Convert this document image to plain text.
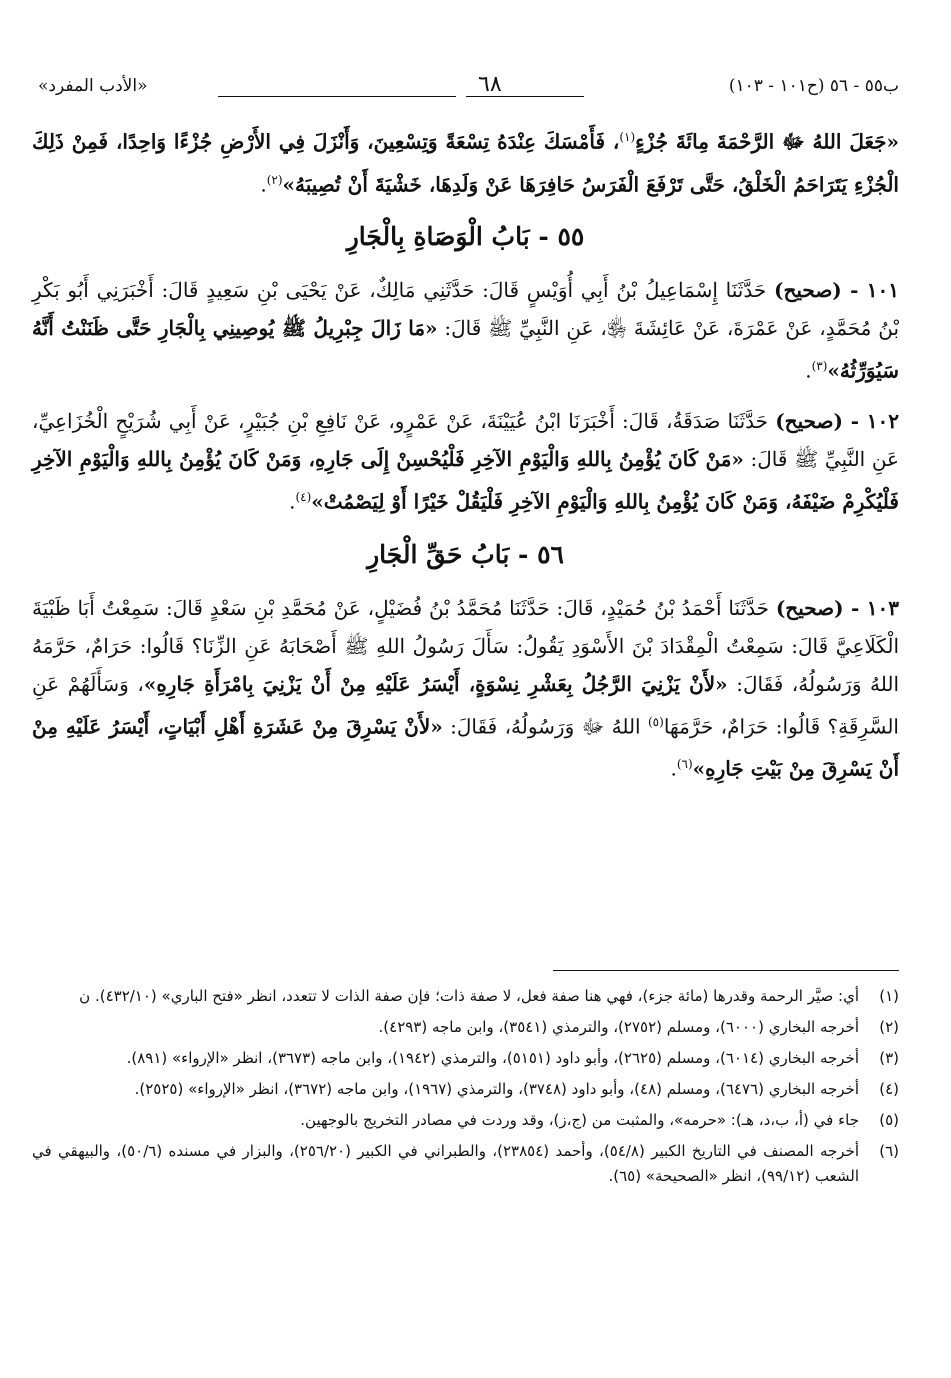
ب٥٥ - ٥٦ (ح١٠١ - ١٠٣)
٦٨
«الأدب المفرد»

«جَعَلَ اللهُ ﷻ الرَّحْمَةَ مِائَةَ جُزْءٍ$^{(١)}$، فَأَمْسَكَ عِنْدَهُ تِسْعَةً وَتِسْعِينَ، وَأَنْزَلَ فِي الأَرْضِ جُزْءًا وَاحِدًا، فَمِنْ ذَلِكَ الْجُزْءِ يَتَرَاحَمُ الْخَلْقُ، حَتَّى تَرْفَعَ الْفَرَسُ حَافِرَهَا عَنْ وَلَدِهَا، خَشْيَةَ أَنْ تُصِيبَهُ»$^{(٢)}$.

٥٥ - بَابُ الْوَصَاةِ بِالْجَارِ

١٠١ - (صحيح) حَدَّثَنَا إِسْمَاعِيلُ بْنُ أَبِي أُوَيْسٍ قَالَ: حَدَّثَنِي مَالِكٌ، عَنْ يَحْيَى بْنِ سَعِيدٍ قَالَ: أَخْبَرَنِي أَبُو بَكْرِ بْنُ مُحَمَّدٍ، عَنْ عَمْرَةَ، عَنْ عَائِشَةَ ﵂، عَنِ النَّبِيِّ ﷺ قَالَ: «مَا زَالَ جِبْرِيلُ ﷺ يُوصِينِي بِالْجَارِ حَتَّى ظَنَنْتُ أَنَّهُ سَيُوَرِّثُهُ»$^{(٣)}$.

١٠٢ - (صحيح) حَدَّثَنَا صَدَقَةُ، قَالَ: أَخْبَرَنَا ابْنُ عُيَيْنَةَ، عَنْ عَمْرٍو، عَنْ نَافِعِ بْنِ جُبَيْرٍ، عَنْ أَبِي شُرَيْحٍ الْخُزَاعِيِّ، عَنِ النَّبِيِّ ﷺ قَالَ: «مَنْ كَانَ يُؤْمِنُ بِاللهِ وَالْيَوْمِ الآخِرِ فَلْيُحْسِنْ إِلَى جَارِهِ، وَمَنْ كَانَ يُؤْمِنُ بِاللهِ وَالْيَوْمِ الآخِرِ فَلْيُكْرِمْ ضَيْفَهُ، وَمَنْ كَانَ يُؤْمِنُ بِاللهِ وَالْيَوْمِ الآخِرِ فَلْيَقُلْ خَيْرًا أَوْ لِيَصْمُتْ»$^{(٤)}$.

٥٦ - بَابُ حَقِّ الْجَارِ

١٠٣ - (صحيح) حَدَّثَنَا أَحْمَدُ بْنُ حُمَيْدٍ، قَالَ: حَدَّثَنَا مُحَمَّدُ بْنُ فُضَيْلٍ، عَنْ مُحَمَّدِ بْنِ سَعْدٍ قَالَ: سَمِعْتُ أَبَا ظَبْيَةَ الْكَلَاعِيَّ قَالَ: سَمِعْتُ الْمِقْدَادَ بْنَ الأَسْوَدِ يَقُولُ: سَأَلَ رَسُولُ اللهِ ﷺ أَصْحَابَهُ عَنِ الزِّنَا؟ قَالُوا: حَرَامٌ، حَرَّمَهُ اللهُ وَرَسُولُهُ، فَقَالَ: «لأَنْ يَزْنِيَ الرَّجُلُ بِعَشْرِ نِسْوَةٍ، أَيْسَرُ عَلَيْهِ مِنْ أَنْ يَزْنِيَ بِامْرَأَةِ جَارِهِ»، وَسَأَلَهُمْ عَنِ السَّرِقَةِ؟ قَالُوا: حَرَامٌ، حَرَّمَهَا$^{(٥)}$ اللهُ ﷻ وَرَسُولُهُ، فَقَالَ: «لأَنْ يَسْرِقَ مِنْ عَشَرَةِ أَهْلِ أَبْيَاتٍ، أَيْسَرُ عَلَيْهِ مِنْ أَنْ يَسْرِقَ مِنْ بَيْتِ جَارِهِ»$^{(٦)}$.

(١)
أي: صيَّر الرحمة وقدرها (مائة جزء)، فهي هنا صفة فعل، لا صفة ذات؛ فإن صفة الذات لا تتعدد، انظر «فتح الباري» (٤٣٢/١٠). ن
(٢)
أخرجه البخاري (٦٠٠٠)، ومسلم (٢٧٥٢)، والترمذي (٣٥٤١)، وابن ماجه (٤٢٩٣).
(٣)
أخرجه البخاري (٦٠١٤)، ومسلم (٢٦٢٥)، وأبو داود (٥١٥١)، والترمذي (١٩٤٢)، وابن ماجه (٣٦٧٣)، انظر «الإرواء» (٨٩١).
(٤)
أخرجه البخاري (٦٤٧٦)، ومسلم (٤٨)، وأبو داود (٣٧٤٨)، والترمذي (١٩٦٧)، وابن ماجه (٣٦٧٢)، انظر «الإرواء» (٢٥٢٥).
(٥)
جاء في (أ، ب،د، هـ): «حرمه»، والمثبت من (ج،ز)، وقد وردت في مصادر التخريج بالوجهين.
(٦)
أخرجه المصنف في التاريخ الكبير (٥٤/٨)، وأحمد (٢٣٨٥٤)، والطبراني في الكبير (٢٥٦/٢٠)، والبزار في مسنده (٥٠/٦)، والبيهقي في الشعب (٩٩/١٢)، انظر «الصحيحة» (٦٥).
